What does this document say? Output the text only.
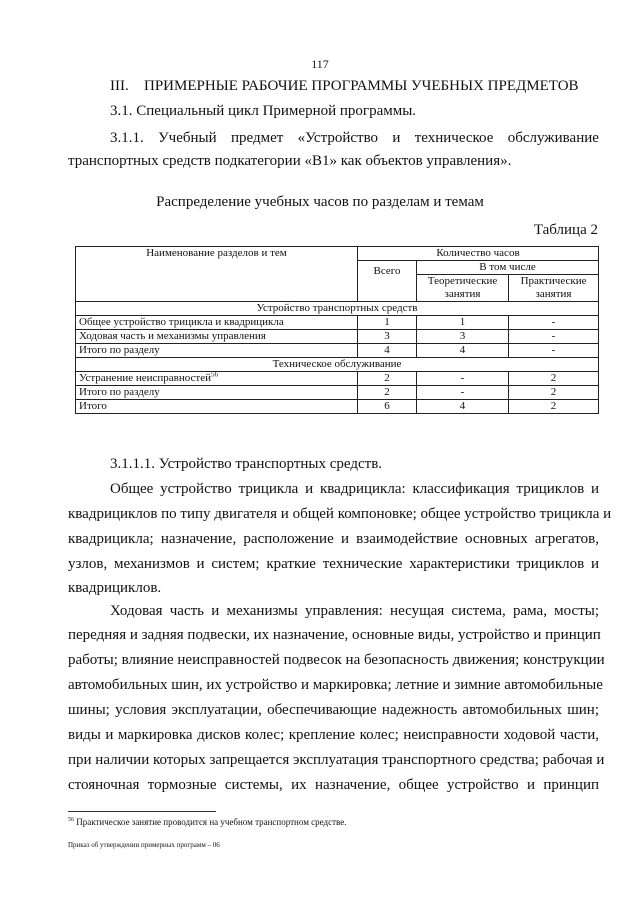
117
III. ПРИМЕРНЫЕ РАБОЧИЕ ПРОГРАММЫ УЧЕБНЫХ ПРЕДМЕТОВ
3.1. Специальный цикл Примерной программы.
3.1.1. Учебный предмет «Устройство и техническое обслуживание
транспортных средств подкатегории «B1» как объектов управления».
Распределение учебных часов по разделам и темам
Таблица 2
Наименование разделов и тем	Количество часов		
	Всего	В том числе	
		Теоретические занятия	Практические занятия
Устройство транспортных средств			
Общее устройство трицикла и квадрицикла	1	1	-
Ходовая часть и механизмы управления	3	3	-
Итого по разделу	4	4	-
Техническое обслуживание			
Устранение неисправностей$^{56}$	2	-	2
Итого по разделу	2	-	2
Итого	6	4	2
3.1.1.1. Устройство транспортных средств.
Общее устройство трицикла и квадрицикла: классификация трициклов и
квадрициклов по типу двигателя и общей компоновке; общее устройство трицикла и
квадрицикла; назначение, расположение и взаимодействие основных агрегатов,
узлов, механизмов и систем; краткие технические характеристики трициклов и
квадрициклов.
Ходовая часть и механизмы управления: несущая система, рама, мосты;
передняя и задняя подвески, их назначение, основные виды, устройство и принцип
работы; влияние неисправностей подвесок на безопасность движения; конструкции
автомобильных шин, их устройство и маркировка; летние и зимние автомобильные
шины; условия эксплуатации, обеспечивающие надежность автомобильных шин;
виды и маркировка дисков колес; крепление колес; неисправности ходовой части,
при наличии которых запрещается эксплуатация транспортного средства; рабочая и
стояночная тормозные системы, их назначение, общее устройство и принцип
$^{56}$ Практическое занятие проводится на учебном транспортном средстве.
Приказ об утверждении примерных программ – 06
